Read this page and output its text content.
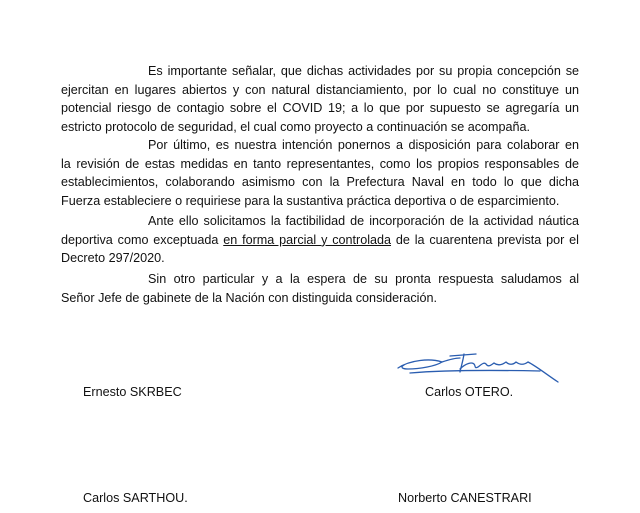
Es importante señalar, que dichas actividades por su propia concepción se
ejercitan en lugares abiertos y con natural distanciamiento, por lo cual no constituye un
potencial riesgo de contagio sobre el COVID 19; a lo que por supuesto se agregaría un
estricto protocolo de seguridad, el cual como proyecto a continuación se acompaña.

Por último, es nuestra intención ponernos a disposición para colaborar en
la revisión de estas medidas en tanto representantes, como los propios responsables de
establecimientos, colaborando asimismo con la Prefectura Naval en todo lo que dicha
Fuerza estableciere o requiriese para la sustantiva práctica deportiva o de esparcimiento.

Ante ello solicitamos la factibilidad de incorporación de la actividad náutica
deportiva como exceptuada en forma parcial y controlada de la cuarentena prevista por el
Decreto 297/2020.

Sin otro particular y a la espera de su pronta respuesta saludamos al
Señor Jefe de gabinete de la Nación con distinguida consideración.

Ernesto SKRBEC	Carlos OTERO.

Carlos SARTHOU.	Norberto CANESTRARI
